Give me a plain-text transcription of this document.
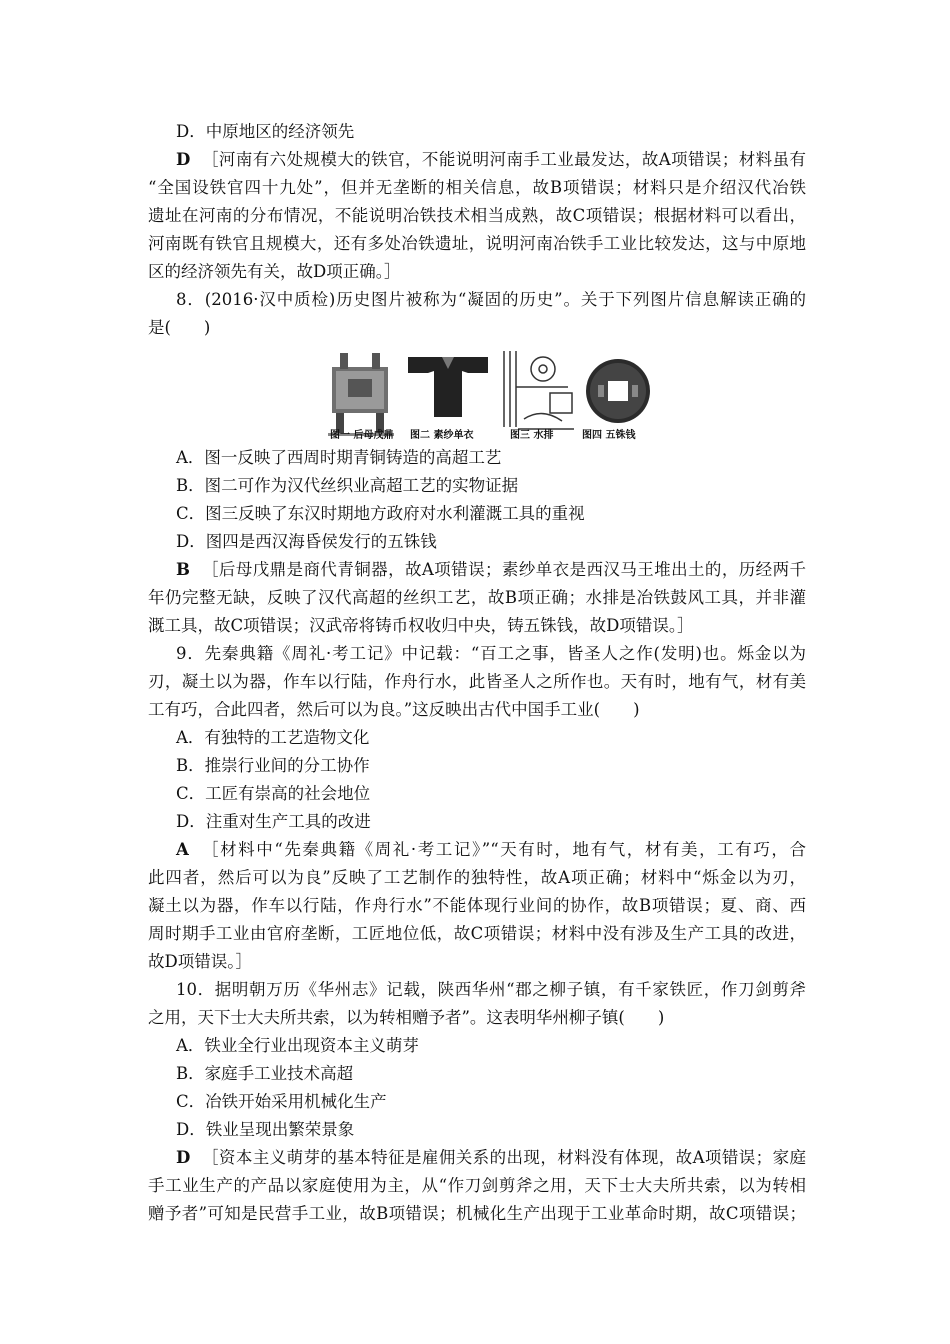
D．中原地区的经济领先
D ［河南有六处规模大的铁官，不能说明河南手工业最发达，故A项错误；材料虽有
“全国设铁官四十九处”，但并无垄断的相关信息，故B项错误；材料只是介绍汉代冶铁
遗址在河南的分布情况，不能说明冶铁技术相当成熟，故C项错误；根据材料可以看出，
河南既有铁官且规模大，还有多处冶铁遗址，说明河南冶铁手工业比较发达，这与中原地
区的经济领先有关，故D项正确。］
8．(2016·汉中质检)历史图片被称为“凝固的历史”。关于下列图片信息解读正确的
是(　　)
图一 后母戊鼎 图二 素纱单衣	图三 水排	图四 五铢钱
A．图一反映了西周时期青铜铸造的高超工艺
B．图二可作为汉代丝织业高超工艺的实物证据
C．图三反映了东汉时期地方政府对水利灌溉工具的重视
D．图四是西汉海昏侯发行的五铢钱
B ［后母戊鼎是商代青铜器，故A项错误；素纱单衣是西汉马王堆出土的，历经两千
年仍完整无缺，反映了汉代高超的丝织工艺，故B项正确；水排是冶铁鼓风工具，并非灌
溉工具，故C项错误；汉武帝将铸币权收归中央，铸五铢钱，故D项错误。］
9．先秦典籍《周礼·考工记》中记载：“百工之事，皆圣人之作(发明)也。烁金以为
刃，凝土以为器，作车以行陆，作舟行水，此皆圣人之所作也。天有时，地有气，材有美
工有巧，合此四者，然后可以为良。”这反映出古代中国手工业(　　)
A．有独特的工艺造物文化
B．推崇行业间的分工协作
C．工匠有崇高的社会地位
D．注重对生产工具的改进
A ［材料中“先秦典籍《周礼·考工记》”“天有时，地有气，材有美，工有巧，合
此四者，然后可以为良”反映了工艺制作的独特性，故A项正确；材料中“烁金以为刃，
凝土以为器，作车以行陆，作舟行水”不能体现行业间的协作，故B项错误；夏、商、西
周时期手工业由官府垄断，工匠地位低，故C项错误；材料中没有涉及生产工具的改进，
故D项错误。］
10．据明朝万历《华州志》记载，陕西华州“郡之柳子镇，有千家铁匠，作刀剑剪斧
之用，天下士大夫所共索，以为转相赠予者”。这表明华州柳子镇(　　)
A．铁业全行业出现资本主义萌芽
B．家庭手工业技术高超
C．冶铁开始采用机械化生产
D．铁业呈现出繁荣景象
D ［资本主义萌芽的基本特征是雇佣关系的出现，材料没有体现，故A项错误；家庭
手工业生产的产品以家庭使用为主，从“作刀剑剪斧之用，天下士大夫所共索，以为转相
赠予者”可知是民营手工业，故B项错误；机械化生产出现于工业革命时期，故C项错误；
